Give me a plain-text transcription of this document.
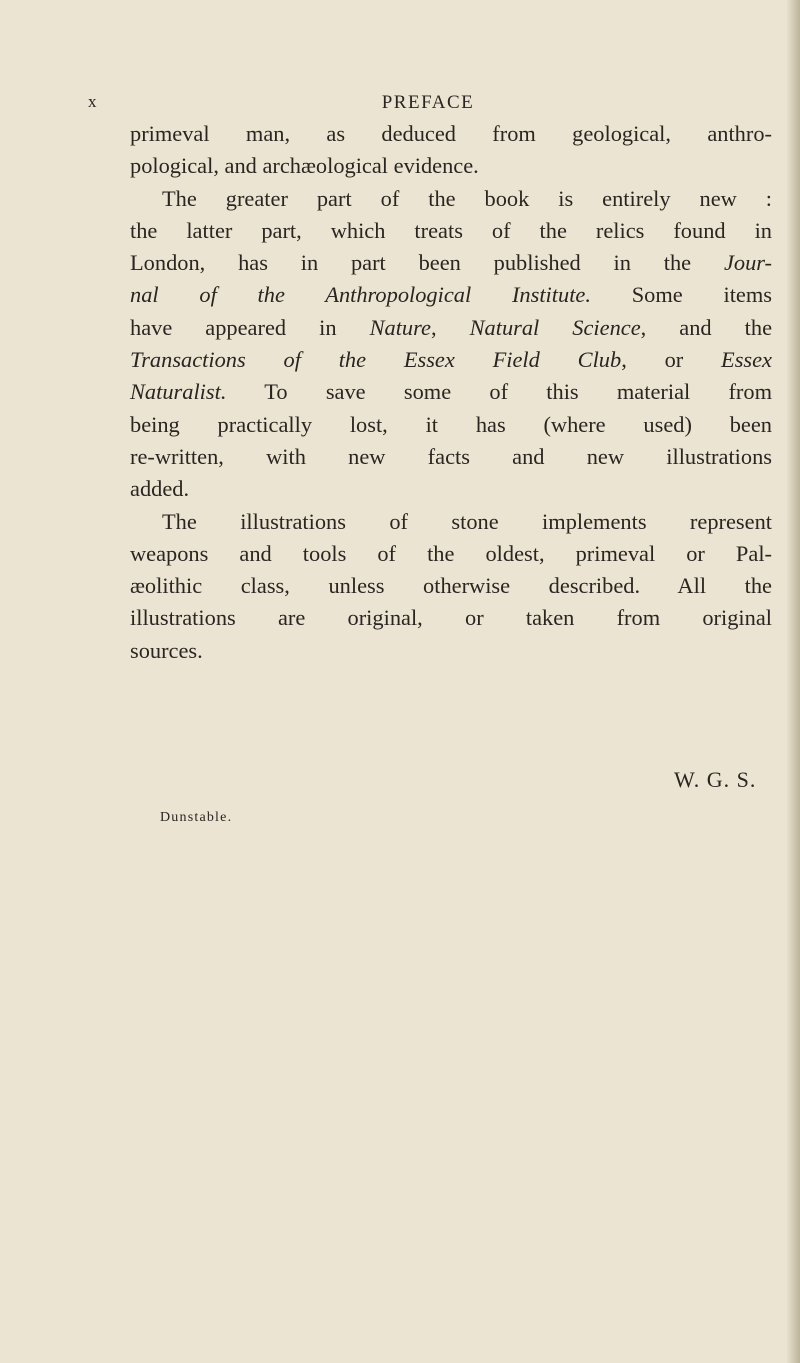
x	PREFACE
primeval man, as deduced from geological, anthro-
pological, and archæological evidence.
The greater part of the book is entirely new :
the latter part, which treats of the relics found in
London, has in part been published in the Jour-
nal of the Anthropological Institute. Some items
have appeared in Nature, Natural Science, and the
Transactions of the Essex Field Club, or Essex
Naturalist. To save some of this material from
being practically lost, it has (where used) been
re-written, with new facts and new illustrations
added.
The illustrations of stone implements represent
weapons and tools of the oldest, primeval or Pal-
æolithic class, unless otherwise described. All the
illustrations are original, or taken from original
sources.
W. G. S.
Dunstable.
